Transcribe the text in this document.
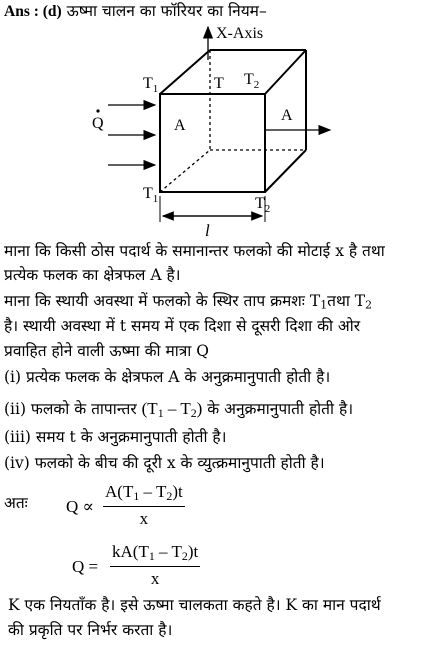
Ans : (d) ऊष्मा चालन का फॉरियर का नियम–
X-Axis
Q
$T_1$	T $T_2$
A
A
$T_1$	$T_2$
l
माना कि किसी ठोस पदार्थ के समानान्तर फलको की मोटाई x है तथा
प्रत्येक फलक का क्षेत्रफल A है।
माना कि स्थायी अवस्था में फलको के स्थिर ताप क्रमशः $T_1तथा$ $T_2$
है। स्थायी अवस्था में t समय में एक दिशा से दूसरी दिशा की ओर
प्रवाहित होने वाली ऊष्मा की मात्रा Q
(i) प्रत्येक फलक के क्षेत्रफल A के अनुक्रमानुपाती होती है।
(ii) फलको के तापान्तर $(T_1 - T_2)$ के अनुक्रमानुपाती होती है।
(iii) समय t के अनुक्रमानुपाती होती है।
(iv) फलको के बीच की दूरी x के व्युत्क्रमानुपाती होती है।
अतः $Q \propto \frac{A(T_1 - T_2)t}{x}$
$Q = \frac{kA(T_1 - T_2)t}{x}$
K एक नियतॉंक है। इसे ऊष्मा चालकता कहते है। K का मान पदार्थ
की प्रकृति पर निर्भर करता है।
